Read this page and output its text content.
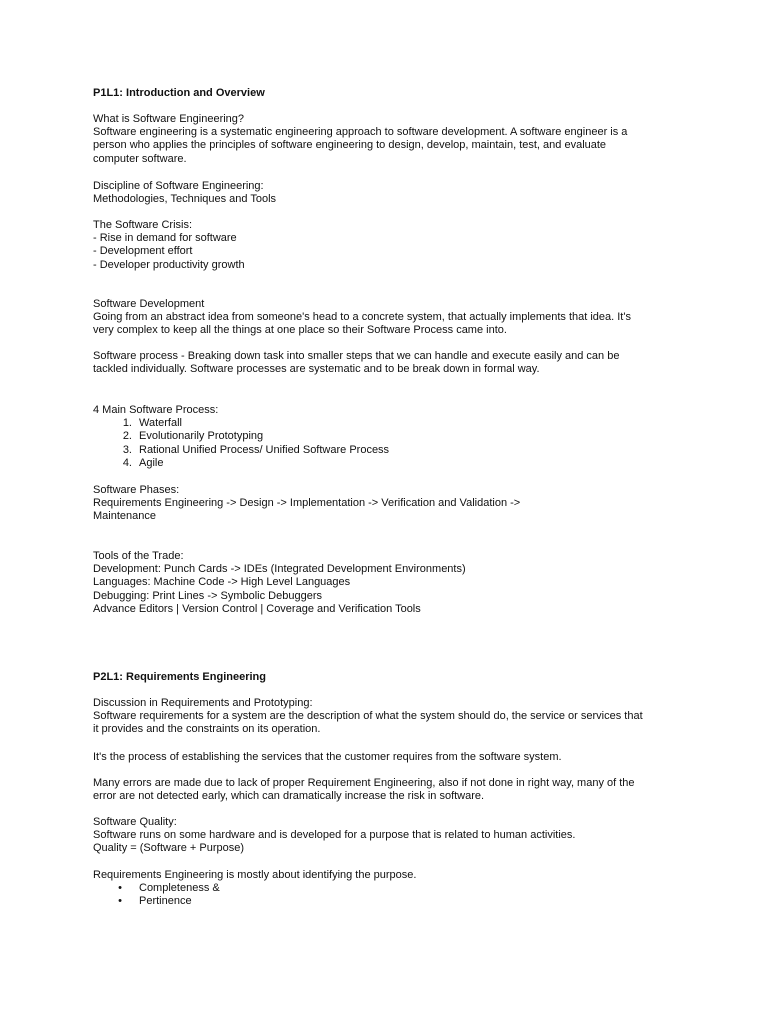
P1L1: Introduction and Overview
What is Software Engineering?
Software engineering is a systematic engineering approach to software development. A software engineer is a
person who applies the principles of software engineering to design, develop, maintain, test, and evaluate
computer software.
Discipline of Software Engineering:
Methodologies, Techniques and Tools
The Software Crisis:
- Rise in demand for software
- Development effort
- Developer productivity growth
Software Development
Going from an abstract idea from someone's head to a concrete system, that actually implements that idea. It's
very complex to keep all the things at one place so their Software Process came into.
Software process - Breaking down task into smaller steps that we can handle and execute easily and can be
tackled individually. Software processes are systematic and to be break down in formal way.
4 Main Software Process:
1. Waterfall
2. Evolutionarily Prototyping
3. Rational Unified Process/ Unified Software Process
4. Agile
Software Phases:
Requirements Engineering -> Design -> Implementation -> Verification and Validation ->
Maintenance
Tools of the Trade:
Development: Punch Cards -> IDEs (Integrated Development Environments)
Languages: Machine Code -> High Level Languages
Debugging: Print Lines -> Symbolic Debuggers
Advance Editors | Version Control | Coverage and Verification Tools
P2L1: Requirements Engineering
Discussion in Requirements and Prototyping:
Software requirements for a system are the description of what the system should do, the service or services that
it provides and the constraints on its operation.
It's the process of establishing the services that the customer requires from the software system.
Many errors are made due to lack of proper Requirement Engineering, also if not done in right way, many of the
error are not detected early, which can dramatically increase the risk in software.
Software Quality:
Software runs on some hardware and is developed for a purpose that is related to human activities.
Quality = (Software + Purpose)
Requirements Engineering is mostly about identifying the purpose.
• Completeness &
• Pertinence
